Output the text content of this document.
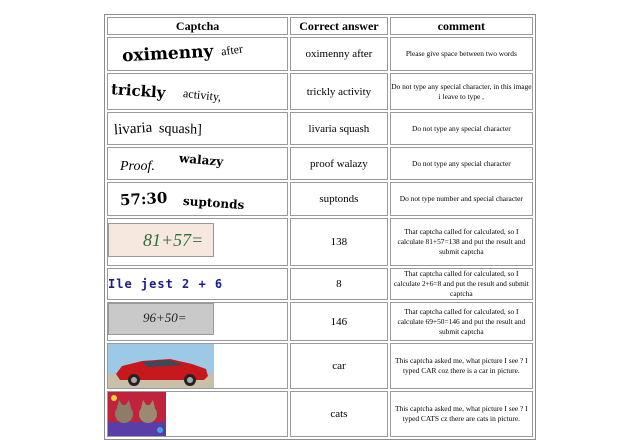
Captcha	Correct answer	comment
oximenny after	oximenny after	Please give space between two words
trickly activity,	trickly activity	Do not type any special character, in this image i leave to type ,
livaria squash]	livaria squash	Do not type any special character
Proof. walazy	proof walazy	Do not type any special character
57:30 suptonds	suptonds	Do not type number and special character

81+57=	138	That captcha called for calculated, so I calculate 81+57=138 and put the result and submit captcha
Ile jest 2 + 6	8	That captcha called for calculated, so I calculate 2+6=8 and put the result and submit captcha

96+50=	146	That captcha called for calculated, so I calculate 69+50=146 and put the result and submit captcha

	car	This captcha asked me, what picture I see ? I typed CAR coz there is a car in picture.

	cats	This captcha asked me, what picture I see ? I typed CATS cz there are cats in picture.
